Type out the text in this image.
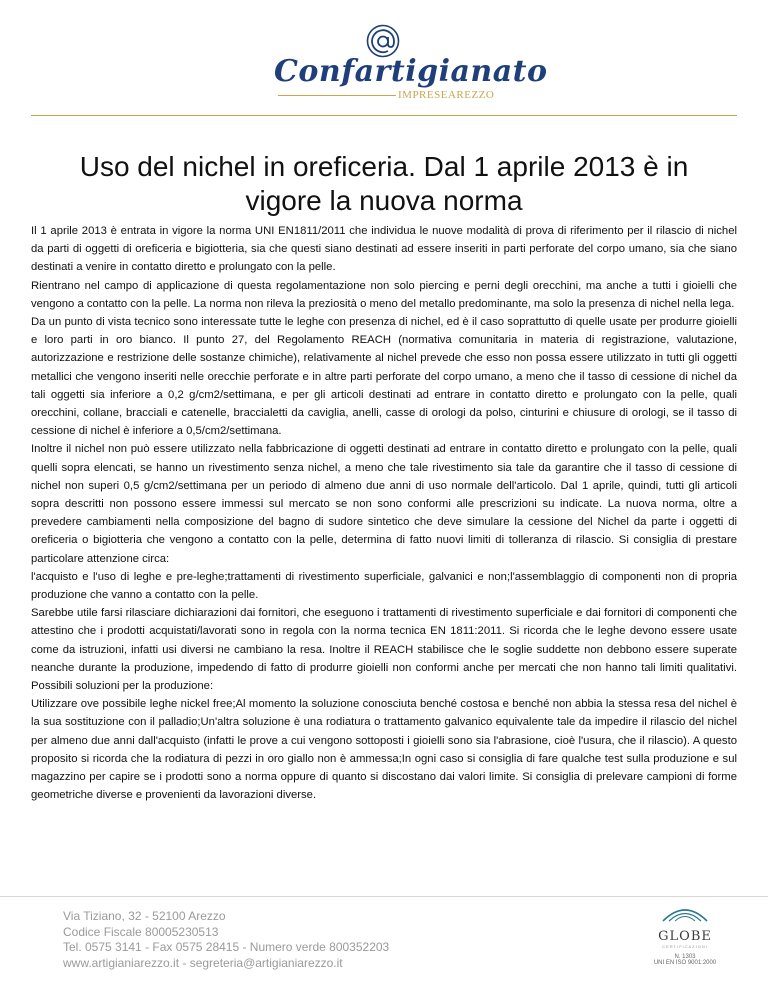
Confartigianato
IMPRESEAREZZO
Uso del nichel in oreficeria. Dal 1 aprile 2013 è in vigore la nuova norma

Il 1 aprile 2013 è entrata in vigore la norma UNI EN1811/2011 che individua le nuove modalità di prova di riferimento per il rilascio di nichel da parti di oggetti di oreficeria e bigiotteria, sia che questi siano destinati ad essere inseriti in parti perforate del corpo umano, sia che siano destinati a venire in contatto diretto e prolungato con la pelle.

Rientrano nel campo di applicazione di questa regolamentazione non solo piercing e perni degli orecchini, ma anche a tutti i gioielli che vengono a contatto con la pelle. La norma non rileva la preziosità o meno del metallo predominante, ma solo la presenza di nichel nella lega.

Da un punto di vista tecnico sono interessate tutte le leghe con presenza di nichel, ed è il caso soprattutto di quelle usate per produrre gioielli e loro parti in oro bianco. Il punto 27, del Regolamento REACH (normativa comunitaria in materia di registrazione, valutazione, autorizzazione e restrizione delle sostanze chimiche), relativamente al nichel prevede che esso non possa essere utilizzato in tutti gli oggetti metallici che vengono inseriti nelle orecchie perforate e in altre parti perforate del corpo umano, a meno che il tasso di cessione di nichel da tali oggetti sia inferiore a 0,2 g/cm2/settimana, e per gli articoli destinati ad entrare in contatto diretto e prolungato con la pelle, quali orecchini, collane, bracciali e catenelle, braccialetti da caviglia, anelli, casse di orologi da polso, cinturini e chiusure di orologi, se il tasso di cessione di nichel è inferiore a 0,5/cm2/settimana.

Inoltre il nichel non può essere utilizzato nella fabbricazione di oggetti destinati ad entrare in contatto diretto e prolungato con la pelle, quali quelli sopra elencati, se hanno un rivestimento senza nichel, a meno che tale rivestimento sia tale da garantire che il tasso di cessione di nichel non superi 0,5 g/cm2/settimana per un periodo di almeno due anni di uso normale dell'articolo. Dal 1 aprile, quindi, tutti gli articoli sopra descritti non possono essere immessi sul mercato se non sono conformi alle prescrizioni su indicate. La nuova norma, oltre a prevedere cambiamenti nella composizione del bagno di sudore sintetico che deve simulare la cessione del Nichel da parte i oggetti di oreficeria o bigiotteria che vengono a contatto con la pelle, determina di fatto nuovi limiti di tolleranza di rilascio. Si consiglia di prestare particolare attenzione circa:

l'acquisto e l'uso di leghe e pre-leghe;trattamenti di rivestimento superficiale, galvanici e non;l'assemblaggio di componenti non di propria produzione che vanno a contatto con la pelle.

Sarebbe utile farsi rilasciare dichiarazioni dai fornitori, che eseguono i trattamenti di rivestimento superficiale e dai fornitori di componenti che attestino che i prodotti acquistati/lavorati sono in regola con la norma tecnica EN 1811:2011. Si ricorda che le leghe devono essere usate come da istruzioni, infatti usi diversi ne cambiano la resa. Inoltre il REACH stabilisce che le soglie suddette non debbono essere superate neanche durante la produzione, impedendo di fatto di produrre gioielli non conformi anche per mercati che non hanno tali limiti qualitativi. Possibili soluzioni per la produzione:

Utilizzare ove possibile leghe nickel free;Al momento la soluzione conosciuta benché costosa e benché non abbia la stessa resa del nichel è la sua sostituzione con il palladio;Un'altra soluzione è una rodiatura o trattamento galvanico equivalente tale da impedire il rilascio del nichel per almeno due anni dall'acquisto (infatti le prove a cui vengono sottoposti i gioielli sono sia l'abrasione, cioè l'usura, che il rilascio). A questo proposito si ricorda che la rodiatura di pezzi in oro giallo non è ammessa;In ogni caso si consiglia di fare qualche test sulla produzione e sul magazzino per capire se i prodotti sono a norma oppure di quanto si discostano dai valori limite. Si consiglia di prelevare campioni di forme geometriche diverse e provenienti da lavorazioni diverse.

Via Tiziano, 32 - 52100 Arezzo
Codice Fiscale 80005230513
Tel. 0575 3141 - Fax 0575 28415 - Numero verde 800352203
www.artigianiarezzo.it - segreteria@artigianiarezzo.it
GLOBE
CERTIFICAZIONI
N. 1303
UNI EN ISO 9001:2000
